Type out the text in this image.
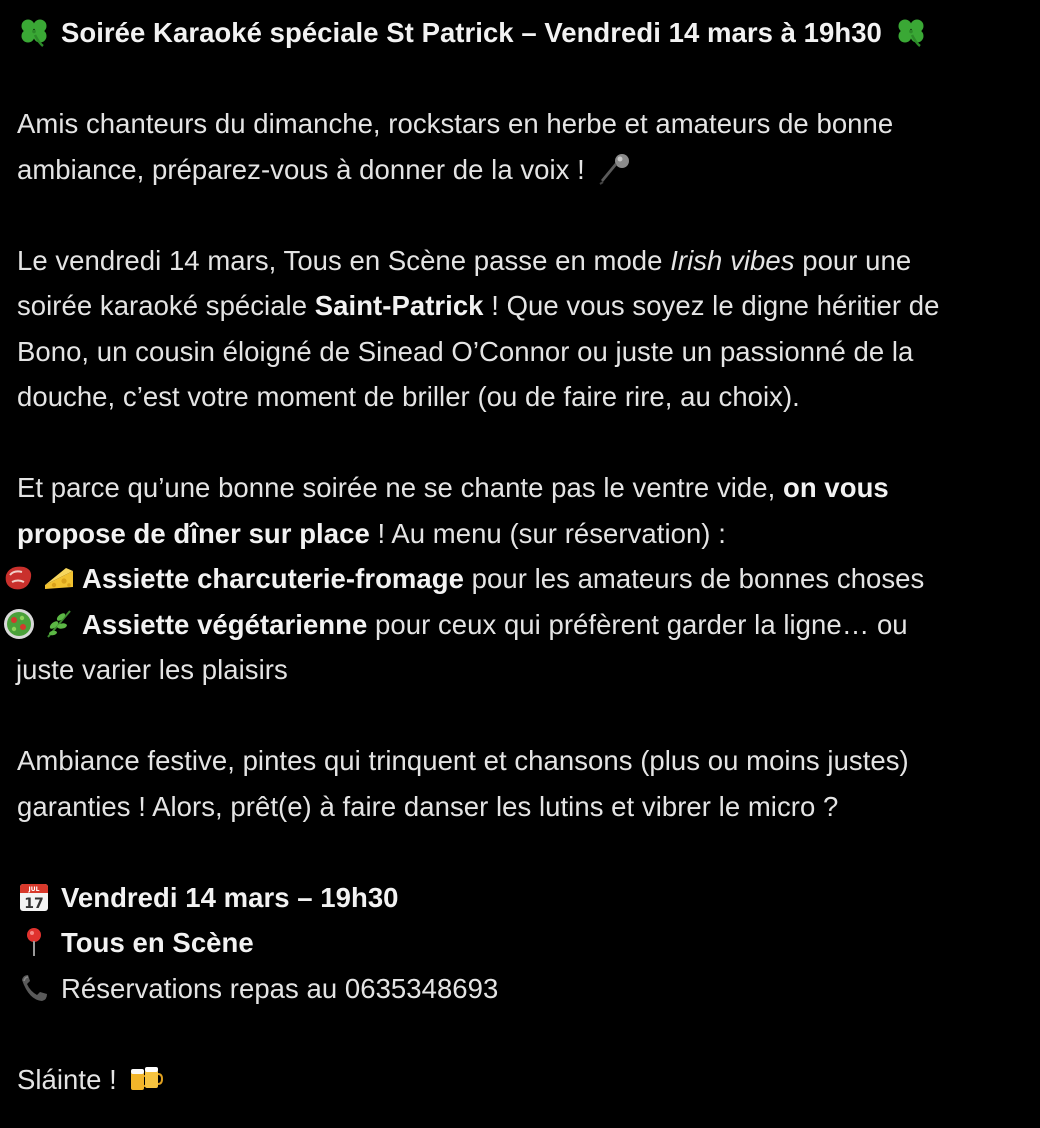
Soirée Karaoké spéciale St Patrick – Vendredi 14 mars à 19h30
Amis chanteurs du dimanche, rockstars en herbe et amateurs de bonne
ambiance, préparez-vous à donner de la voix !
Le vendredi 14 mars, Tous en Scène passe en mode Irish vibes pour une
soirée karaoké spéciale Saint-Patrick ! Que vous soyez le digne héritier de
Bono, un cousin éloigné de Sinead O’Connor ou juste un passionné de la
douche, c’est votre moment de briller (ou de faire rire, au choix).
Et parce qu’une bonne soirée ne se chante pas le ventre vide, on vous
propose de dîner sur place ! Au menu (sur réservation) :
Assiette charcuterie-fromage pour les amateurs de bonnes choses
Assiette végétarienne pour ceux qui préfèrent garder la ligne… ou
juste varier les plaisirs
Ambiance festive, pintes qui trinquent et chansons (plus ou moins justes)
garanties ! Alors, prêt(e) à faire danser les lutins et vibrer le micro ?
JUL
17 Vendredi 14 mars – 19h30
Tous en Scène
Réservations repas au 0635348693
Sláinte !
